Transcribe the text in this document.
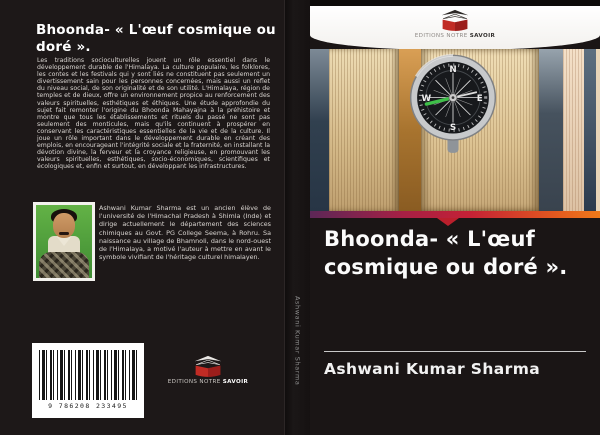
Bhoonda- « L'œuf cosmique ou doré ».
Les traditions socioculturelles jouent un rôle essentiel dans le développement durable de l'Himalaya. La culture populaire, les folklores, les contes et les festivals qui y sont liés ne constituent pas seulement un divertissement sain pour les personnes concernées, mais aussi un reflet du niveau social, de son originalité et de son utilité. L'Himalaya, région de temples et de dieux, offre un environnement propice au renforcement des valeurs spirituelles, esthétiques et éthiques. Une étude approfondie du sujet fait remonter l'origine du Bhoonda Mahayajna à la préhistoire et montre que tous les établissements et rituels du passé ne sont pas seulement des monticules, mais qu'ils continuent à prospérer en conservant les caractéristiques essentielles de la vie et de la culture. Il joue un rôle important dans le développement durable en créant des emplois, en encourageant l'intégrité sociale et la fraternité, en installant la dévotion divine, la ferveur et la croyance religieuse, en promouvant les valeurs spirituelles, esthétiques, socio-économiques, scientifiques et écologiques et, enfin et surtout, en développant les infrastructures.
Ashwani Kumar Sharma est un ancien élève de l'université de l'Himachal Pradesh à Shimla (Inde) et dirige actuellement le département des sciences chimiques au Govt. PG College Seema, à Rohru. Sa naissance au village de Bhamnoli, dans le nord-ouest de l'Himalaya, a motivé l'auteur à mettre en avant le symbole vivifiant de l'héritage culturel himalayen.
9 786208 233495
EDITIONS NOTRE SAVOIR	Ashwani Kumar Sharma
EDITIONS NOTRE SAVOIR
N
S
E
W
Bhoonda- « L'œuf cosmique ou doré ».
Ashwani Kumar Sharma
